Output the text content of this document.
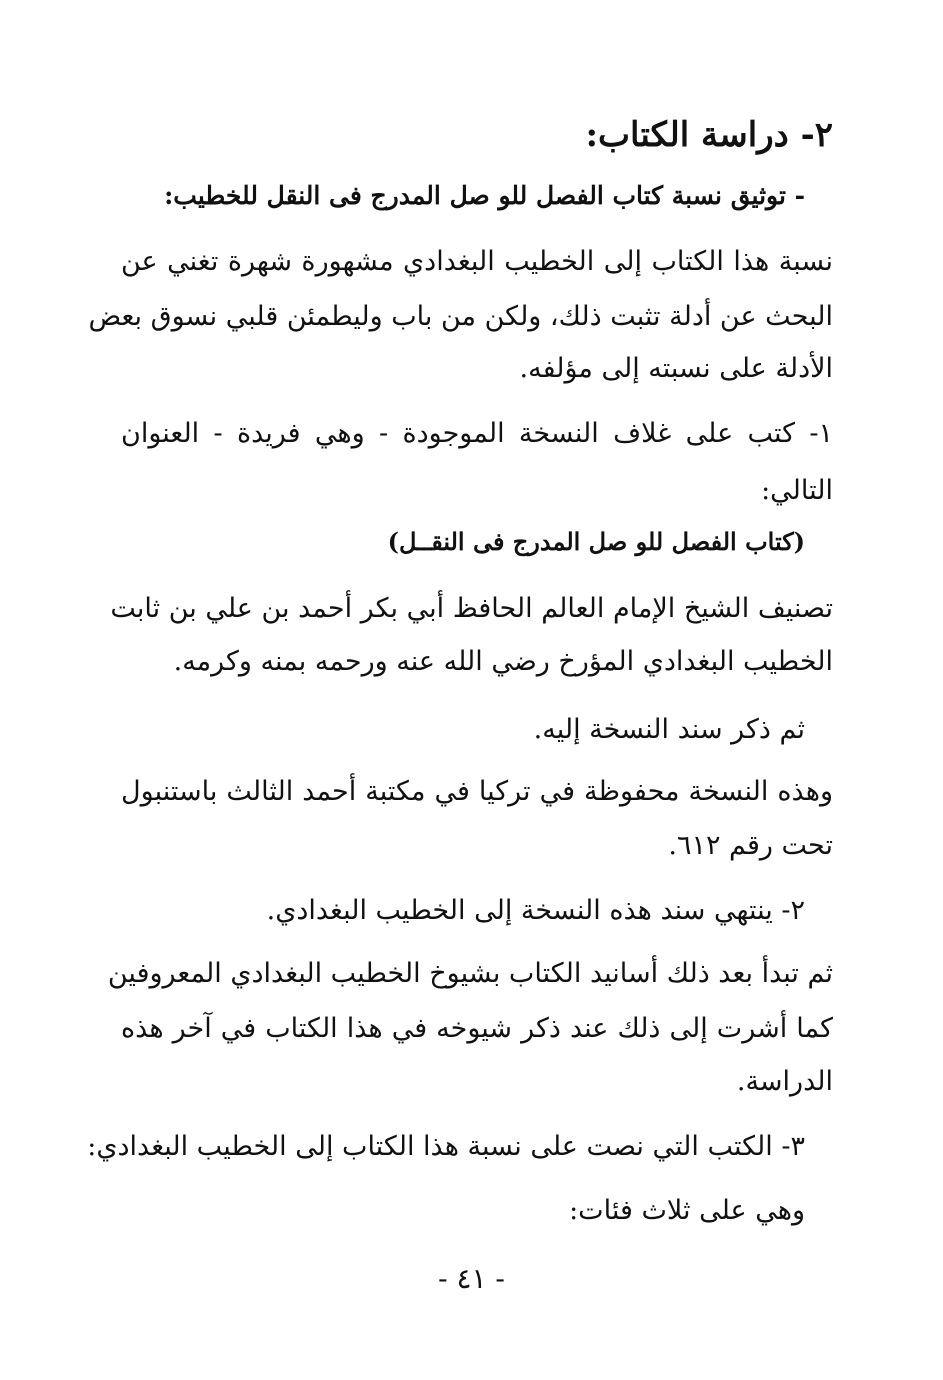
٢- دراسة الكتاب:
- توثيق نسبة كتاب الفصل للو صل المدرج فى النقل للخطيب:
نسبة هذا الكتاب إلى الخطيب البغدادي مشهورة شهرة تغني عن
البحث عن أدلة تثبت ذلك، ولكن من باب وليطمئن قلبي نسوق بعض
الأدلة على نسبته إلى مؤلفه.
١- كتب على غلاف النسخة الموجودة - وهي فريدة - العنوان
التالي:
(كتاب الفصل للو صل المدرج فى النقــل)
تصنيف الشيخ الإمام العالم الحافظ أبي بكر أحمد بن علي بن ثابت
الخطيب البغدادي المؤرخ رضي الله عنه ورحمه بمنه وكرمه.
ثم ذكر سند النسخة إليه.
وهذه النسخة محفوظة في تركيا في مكتبة أحمد الثالث باستنبول
تحت رقم ٦١٢.
٢- ينتهي سند هذه النسخة إلى الخطيب البغدادي.
ثم تبدأ بعد ذلك أسانيد الكتاب بشيوخ الخطيب البغدادي المعروفين
كما أشرت إلى ذلك عند ذكر شيوخه في هذا الكتاب في آخر هذه
الدراسة.
٣- الكتب التي نصت على نسبة هذا الكتاب إلى الخطيب البغدادي:
وهي على ثلاث فئات:
- ٤١ -
